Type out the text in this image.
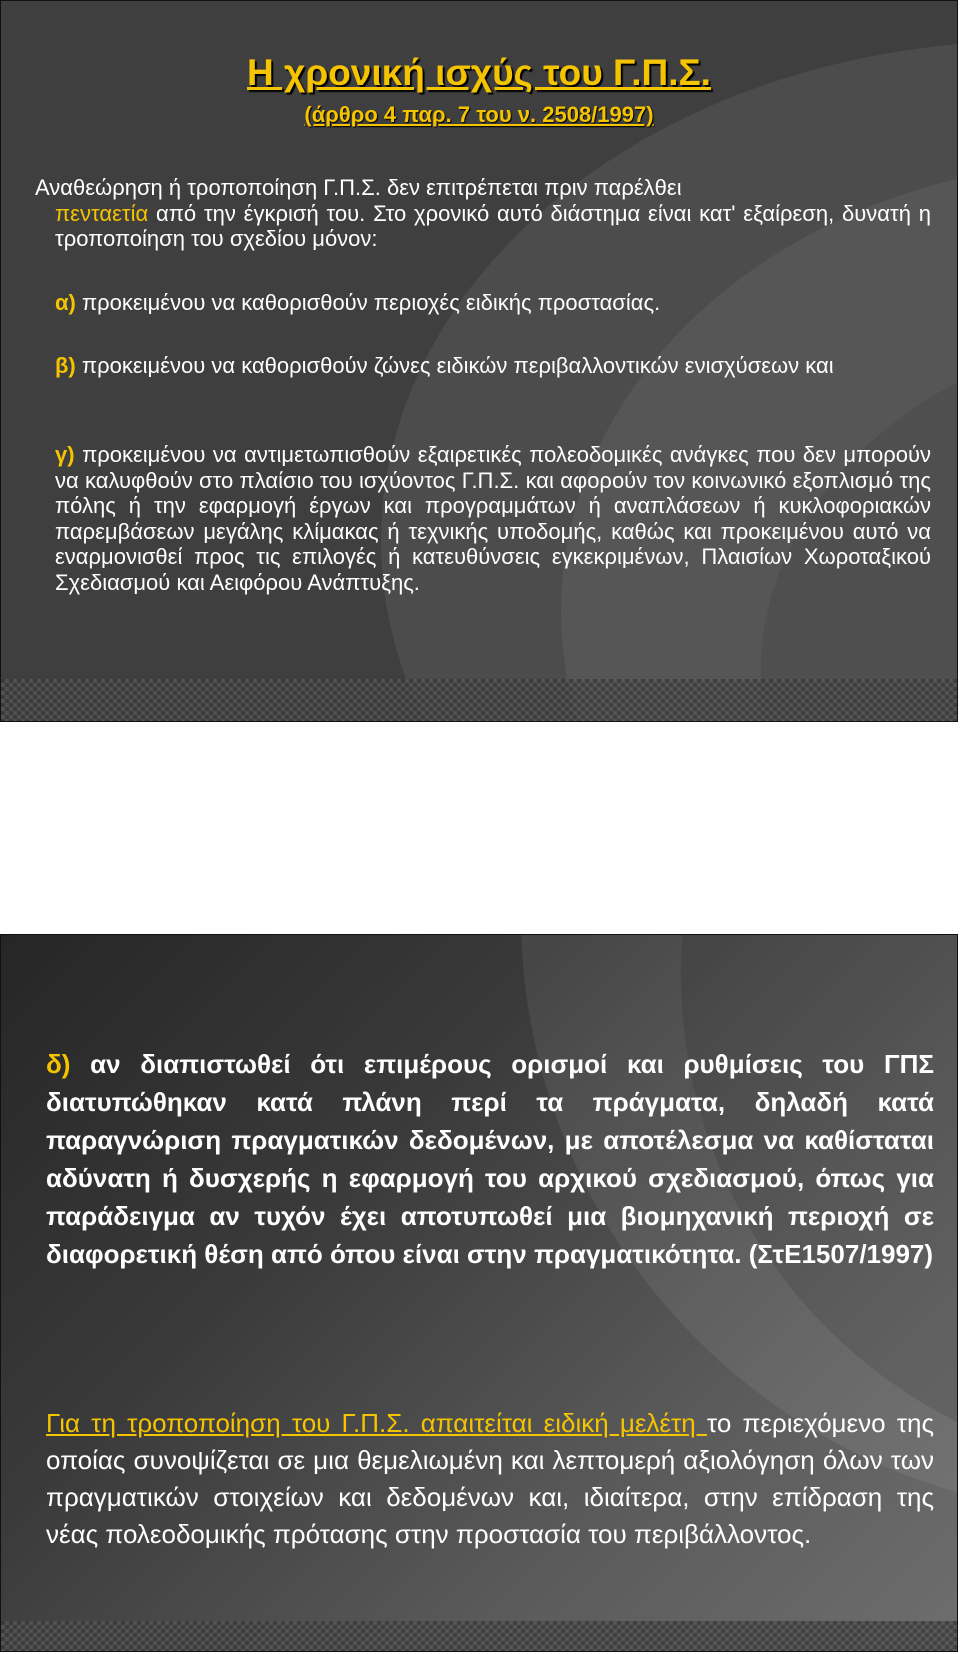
Η χρονική ισχύς του Γ.Π.Σ.
(άρθρο 4 παρ. 7 του ν. 2508/1997)
Αναθεώρηση ή τροποποίηση Γ.Π.Σ. δεν επιτρέπεται πριν παρέλθει
πενταετία από την έγκρισή του. Στο χρονικό αυτό διάστημα είναι κατ' εξαίρεση, δυνατή η τροποποίηση του σχεδίου μόνον:
α) προκειμένου να καθορισθούν περιοχές ειδικής προστασίας.
β) προκειμένου να καθορισθούν ζώνες ειδικών περιβαλλοντικών ενισχύσεων και
γ) προκειμένου να αντιμετωπισθούν εξαιρετικές πολεοδομικές ανάγκες που δεν μπορούν να καλυφθούν στο πλαίσιο του ισχύοντος Γ.Π.Σ. και αφορούν τον κοινωνικό εξοπλισμό της πόλης ή την εφαρμογή έργων και προγραμμάτων ή αναπλάσεων ή κυκλοφοριακών παρεμβάσεων μεγάλης κλίμακας ή τεχνικής υποδομής, καθώς και προκειμένου αυτό να εναρμονισθεί προς τις επιλογές ή κατευθύνσεις εγκεκριμένων, Πλαισίων Χωροταξικού Σχεδιασμού και Αειφόρου Ανάπτυξης.
δ) αν διαπιστωθεί ότι επιμέρους ορισμοί και ρυθμίσεις του ΓΠΣ διατυπώθηκαν κατά πλάνη περί τα πράγματα, δηλαδή κατά παραγνώριση πραγματικών δεδομένων, με αποτέλεσμα να καθίσταται αδύνατη ή δυσχερής η εφαρμογή του αρχικού σχεδιασμού, όπως για παράδειγμα αν τυχόν έχει αποτυπωθεί μια βιομηχανική περιοχή σε διαφορετική θέση από όπου είναι στην πραγματικότητα. (ΣτΕ1507/1997)
Για τη τροποποίηση του Γ.Π.Σ. απαιτείται ειδική μελέτη το περιεχόμενο της οποίας συνοψίζεται σε μια θεμελιωμένη και λεπτομερή αξιολόγηση όλων των πραγματικών στοιχείων και δεδομένων και, ιδιαίτερα, στην επίδραση της νέας πολεοδομικής πρότασης στην προστασία του περιβάλλοντος.
